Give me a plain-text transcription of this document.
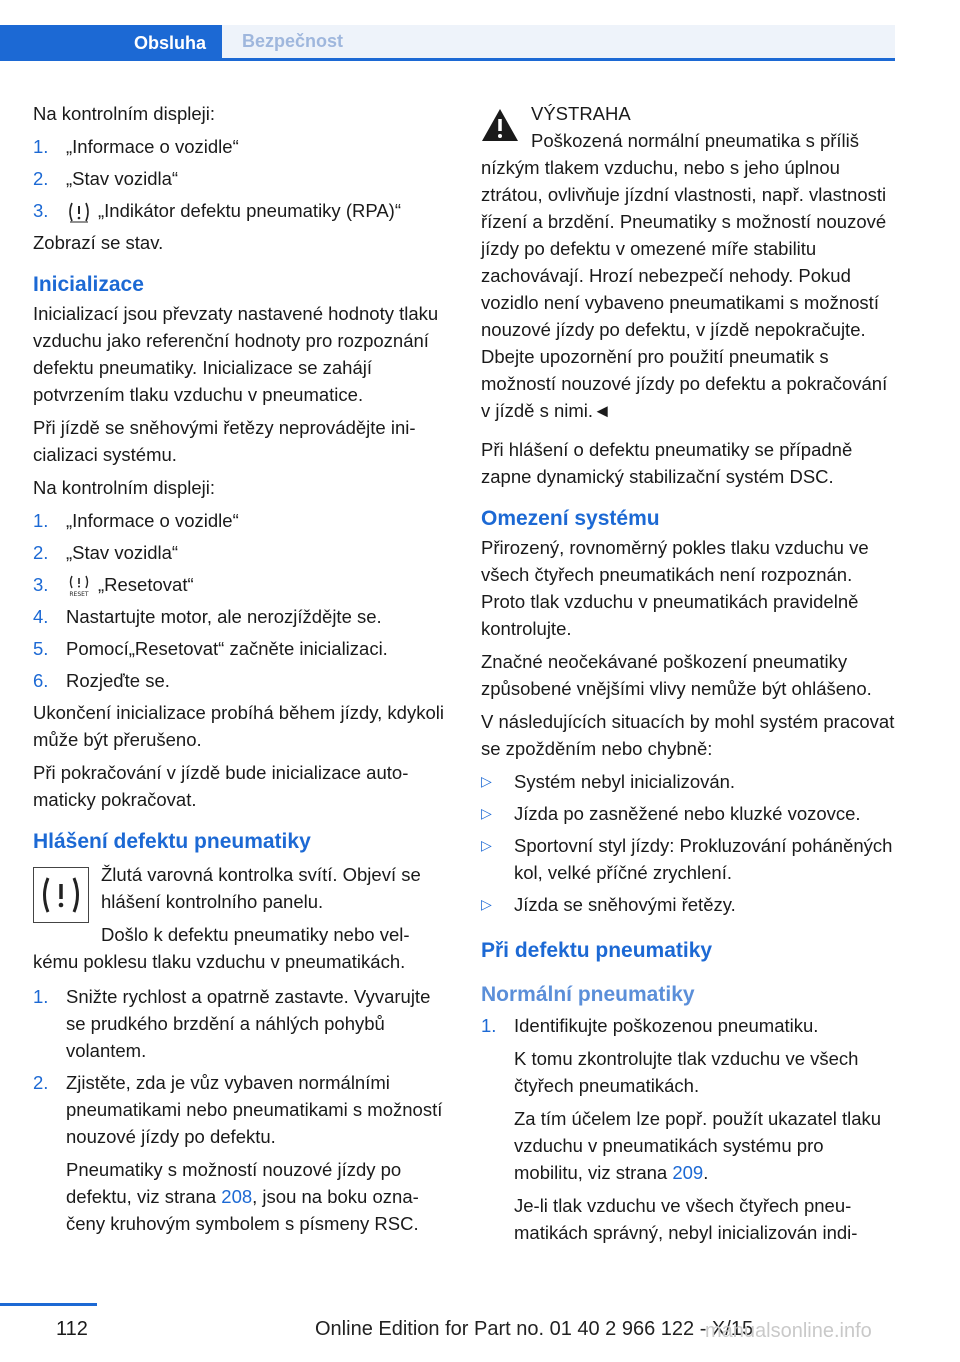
Obsluha	Bezpečnost

Na kontrolním displeji:

1. „Informace o vozidle“
2. „Stav vozidla“
3.	„Indikátor defektu pneumatiky (RPA)“

Zobrazí se stav.

Inicializace

Inicializací jsou převzaty nastavené hodnoty tlaku vzduchu jako referenční hodnoty pro rozpoznání defektu pneumatiky. Inicializace se zahájí potvrzením tlaku vzduchu v pneumatice.

Při jízdě se sněhovými řetězy neprovádějte inicializaci systému.

Na kontrolním displeji:

1. „Informace o vozidle“
2. „Stav vozidla“
3.	RESET „Resetovat“
4. Nastartujte motor, ale nerozjíždějte se.
5. Pomocí„Resetovat“ začněte inicializaci.
6. Rozjeďte se.

Ukončení inicializace probíhá během jízdy, kdykoli může být přerušeno.

Při pokračování v jízdě bude inicializace automaticky pokračovat.

Hlášení defektu pneumatiky

Žlutá varovná kontrolka svítí. Objeví se hlášení kontrolního panelu.

Došlo k defektu pneumatiky nebo velkému poklesu tlaku vzduchu v pneumatikách.

1. Snižte rychlost a opatrně zastavte. Vyvarujte se prudkého brzdění a náhlých pohybů volantem.
2. Zjistěte, zda je vůz vybaven normálními pneumatikami nebo pneumatikami s možností nouzové jízdy po defektu.
Pneumatiky s možností nouzové jízdy po defektu, viz strana 208, jsou na boku označeny kruhovým symbolem s písmeny RSC.

VÝSTRAHA

Poškozená normální pneumatika s příliš nízkým tlakem vzduchu, nebo s jeho úplnou ztrátou, ovlivňuje jízdní vlastnosti, např. vlastnosti řízení a brzdění. Pneumatiky s možností nouzové jízdy po defektu v omezené míře stabilitu zachovávají. Hrozí nebezpečí nehody. Pokud vozidlo není vybaveno pneumatikami s možností nouzové jízdy po defektu, v jízdě nepokračujte. Dbejte upozornění pro použití pneumatik s možností nouzové jízdy po defektu a pokračování v jízdě s nimi.◄

Při hlášení o defektu pneumatiky se případně zapne dynamický stabilizační systém DSC.

Omezení systému

Přirozený, rovnoměrný pokles tlaku vzduchu ve všech čtyřech pneumatikách není rozpoznán. Proto tlak vzduchu v pneumatikách pravidelně kontrolujte.

Značné neočekávané poškození pneumatiky způsobené vnějšími vlivy nemůže být ohlášeno.

V následujících situacích by mohl systém pracovat se zpožděním nebo chybně:

▷ Systém nebyl inicializován.
▷ Jízda po zasněžené nebo kluzké vozovce.
▷ Sportovní styl jízdy: Prokluzování poháněných kol, velké příčné zrychlení.
▷ Jízda se sněhovými řetězy.
Při defektu pneumatiky
Normální pneumatiky
1. Identifikujte poškozenou pneumatiku.
K tomu zkontrolujte tlak vzduchu ve všech čtyřech pneumatikách.
Za tím účelem lze popř. použít ukazatel tlaku vzduchu v pneumatikách systému pro mobilitu, viz strana 209.
Je-li tlak vzduchu ve všech čtyřech pneumatikách správný, nebyl inicializován indi-
112	Online Edition for Part no. 01 40 2 966 122 - X/15
manualsonline.info
